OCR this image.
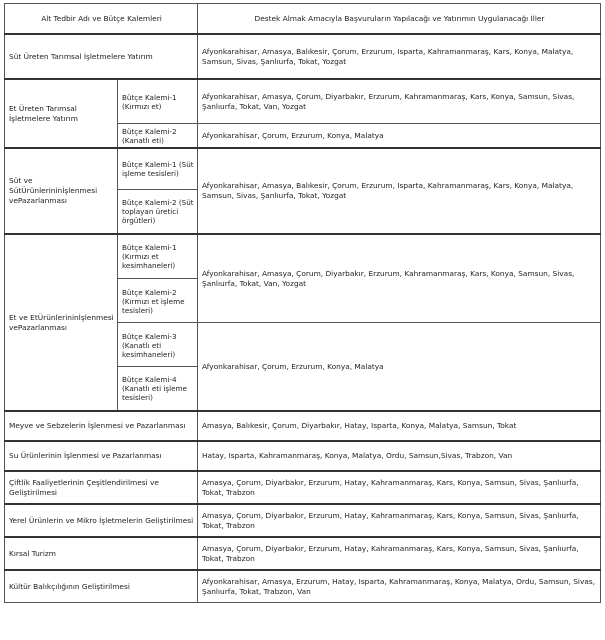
Alt Tedbir Adı ve Bütçe Kalemleri		Destek Almak Amacıyla Başvuruların Yapılacağı ve Yatırımın Uygulanacağı İller
Süt Üreten Tarımsal İşletmelere Yatırım		Afyonkarahisar, Amasya, Balıkesir, Çorum, Erzurum, Isparta, Kahramanmaraş, Kars, Konya, Malatya, Samsun, Sivas, Şanlıurfa, Tokat, Yozgat
Et Üreten Tarımsal İşletmelere Yatırım	Bütçe Kalemi-1 (Kırmızı et)	Afyonkarahisar, Amasya, Çorum, Diyarbakır, Erzurum, Kahramanmaraş, Kars, Konya, Samsun, Sivas, Şanlıurfa, Tokat, Van, Yozgat
	Bütçe Kalemi-2 (Kanatlı eti)	Afyonkarahisar, Çorum, Erzurum, Konya, Malatya
Süt ve SütÜrünlerininİşlenmesi vePazarlanması	Bütçe Kalemi-1 (Süt işleme tesisleri)	Afyonkarahisar, Amasya, Balıkesir, Çorum, Erzurum, Isparta, Kahramanmaraş, Kars, Konya, Malatya, Samsun, Sivas, Şanlıurfa, Tokat, Yozgat
	Bütçe Kalemi-2 (Süt toplayan üretici örgütleri)	
Et ve EtÜrünlerininİşlenmesi vePazarlanması	Bütçe Kalemi-1 (Kırmızı et kesimhaneleri)	Afyonkarahisar, Amasya, Çorum, Diyarbakır, Erzurum, Kahramanmaraş, Kars, Konya, Samsun, Sivas, Şanlıurfa, Tokat, Van, Yozgat
	Bütçe Kalemi-2 (Kırmızı et işleme tesisleri)	
	Bütçe Kalemi-3 (Kanatlı eti kesimhaneleri)	Afyonkarahisar, Çorum, Erzurum, Konya, Malatya
	Bütçe Kalemi-4 (Kanatlı eti işleme tesisleri)	
Meyve ve Sebzelerin İşlenmesi ve Pazarlanması		Amasya, Balıkesir, Çorum, Diyarbakır, Hatay, Isparta, Konya, Malatya, Samsun, Tokat
Su Ürünlerinin İşlenmesi ve Pazarlanması		Hatay, Isparta, Kahramanmaraş, Konya, Malatya, Ordu, Samsun,Sivas, Trabzon, Van
Çiftlik Faaliyetlerinin Çeşitlendirilmesi ve Geliştirilmesi		Amasya, Çorum, Diyarbakır, Erzurum, Hatay, Kahramanmaraş, Kars, Konya, Samsun, Sivas, Şanlıurfa, Tokat, Trabzon
Yerel Ürünlerin ve Mikro İşletmelerin Geliştirilmesi		Amasya, Çorum, Diyarbakır, Erzurum, Hatay, Kahramanmaraş, Kars, Konya, Samsun, Sivas, Şanlıurfa, Tokat, Trabzon
Kırsal Turizm		Amasya, Çorum, Diyarbakır, Erzurum, Hatay, Kahramanmaraş, Kars, Konya, Samsun, Sivas, Şanlıurfa, Tokat, Trabzon
Kültür Balıkçılığının Geliştirilmesi		Afyonkarahisar, Amasya, Erzurum, Hatay, Isparta, Kahramanmaraş, Konya, Malatya, Ordu, Samsun, Sivas, Şanlıurfa, Tokat, Trabzon, Van
